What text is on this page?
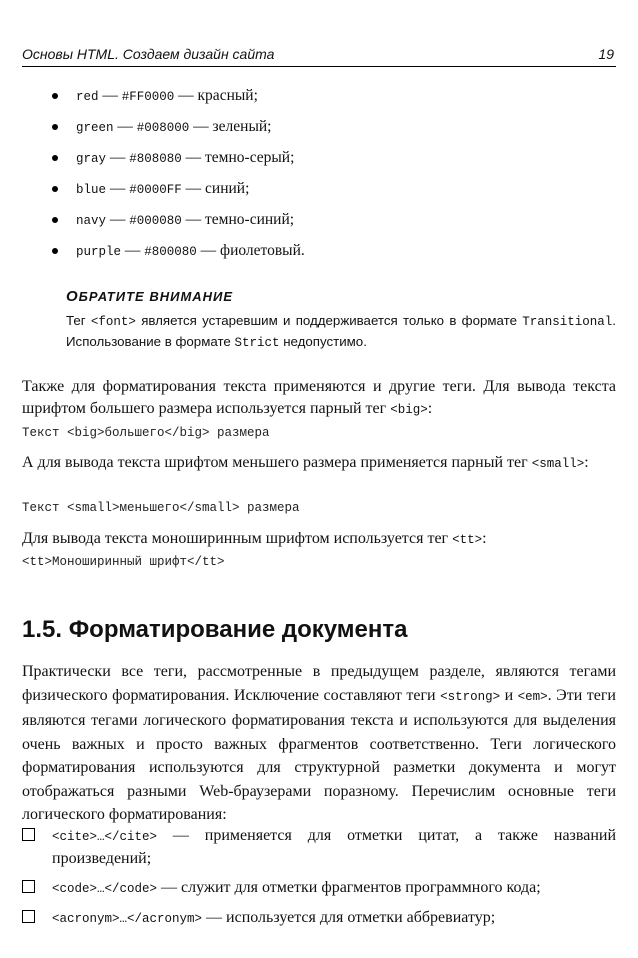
Основы HTML. Создаем дизайн сайта	19
red — #FF0000 — красный;
green — #008000 — зеленый;
gray — #808080 — темно-серый;
blue — #0000FF — синий;
navy — #000080 — темно-синий;
purple — #800080 — фиолетовый.
ОБРАТИТЕ ВНИМАНИЕ
Тег <font> является устаревшим и поддерживается только в формате Transitional. Использование в формате Strict недопустимо.
Также для форматирования текста применяются и другие теги. Для вывода текста шрифтом большего размера используется парный тег <big>:
Текст <big>большего</big> размера
А для вывода текста шрифтом меньшего размера применяется парный тег <small>:
Текст <small>меньшего</small> размера
Для вывода текста моноширинным шрифтом используется тег <tt>:
<tt>Моноширинный шрифт</tt>
1.5. Форматирование документа
Практически все теги, рассмотренные в предыдущем разделе, являются тегами физического форматирования. Исключение составляют теги <strong> и <em>. Эти теги являются тегами логического форматирования текста и используются для выделения очень важных и просто важных фрагментов соответственно. Теги логического форматирования используются для структурной разметки документа и могут отображаться разными Web-браузерами поразному. Перечислим основные теги логического форматирования:
<cite>…</cite> — применяется для отметки цитат, а также названий произведений;
<code>…</code> — служит для отметки фрагментов программного кода;
<acronym>…</acronym> — используется для отметки аббревиатур;
